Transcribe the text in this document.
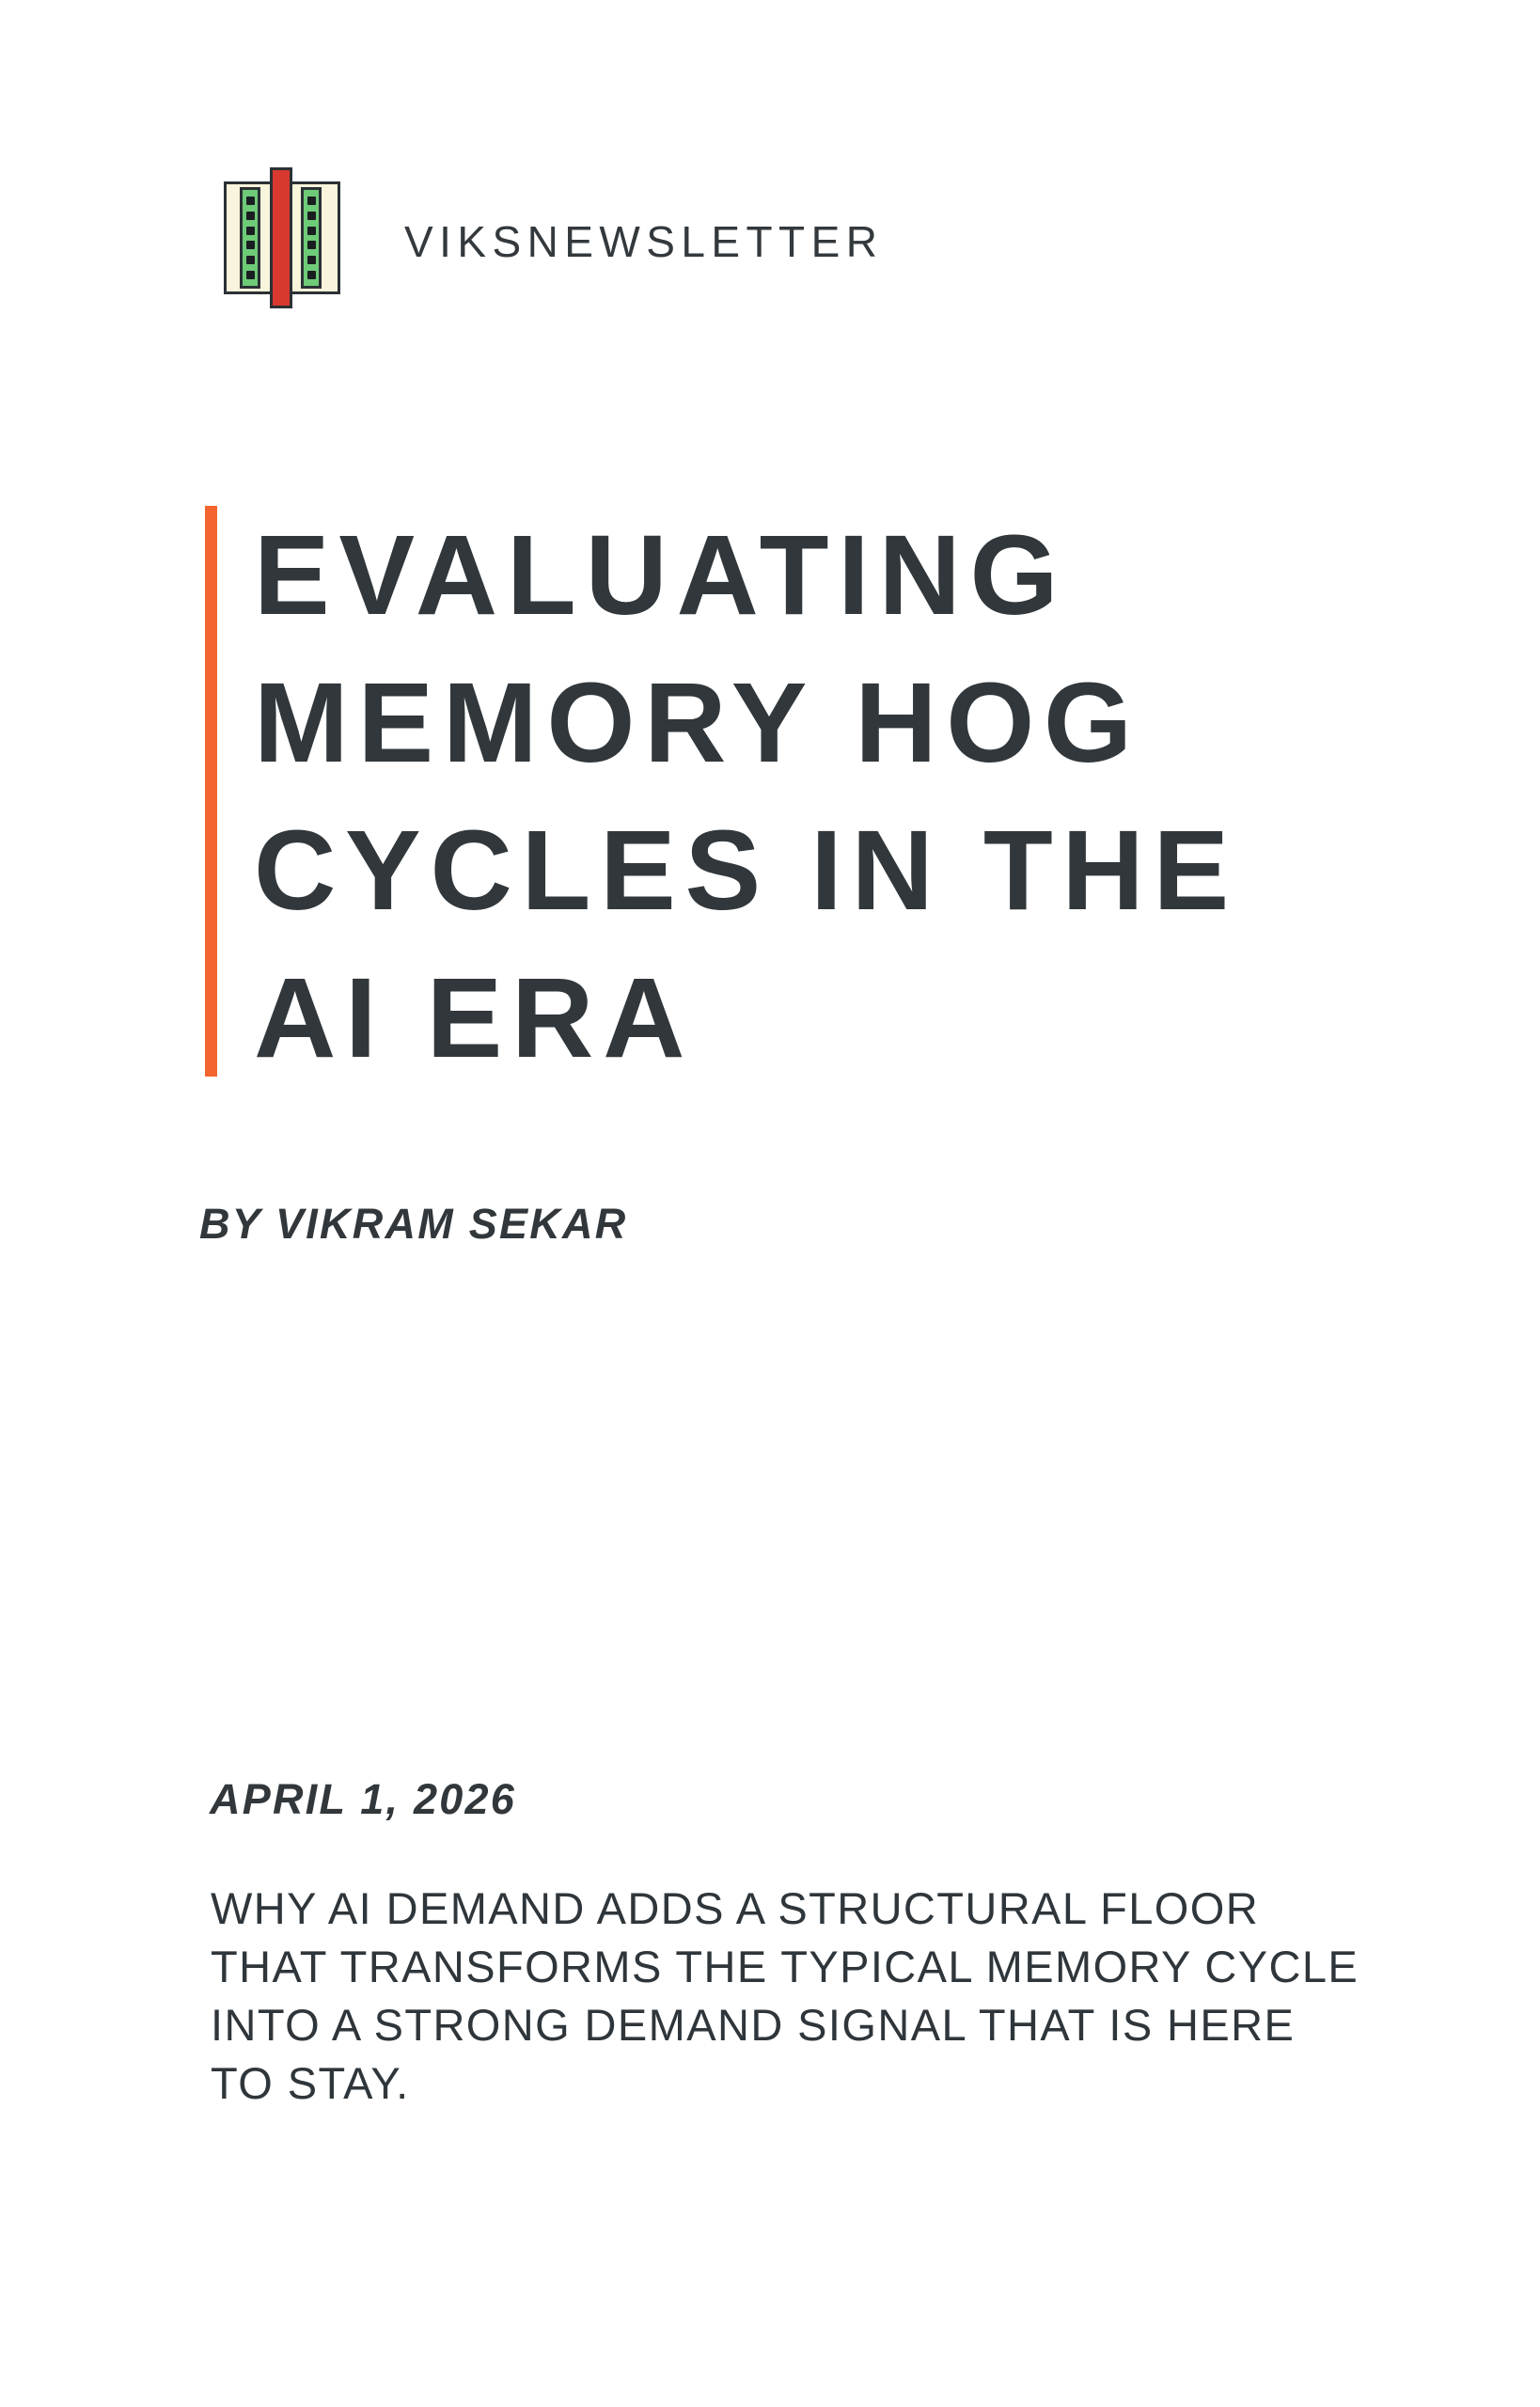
VIKSNEWSLETTER
EVALUATING
MEMORY HOG
CYCLES IN THE
AI ERA
BY VIKRAM SEKAR
APRIL 1, 2026
WHY AI DEMAND ADDS A STRUCTURAL FLOOR
THAT TRANSFORMS THE TYPICAL MEMORY CYCLE
INTO A STRONG DEMAND SIGNAL THAT IS HERE
TO STAY.
